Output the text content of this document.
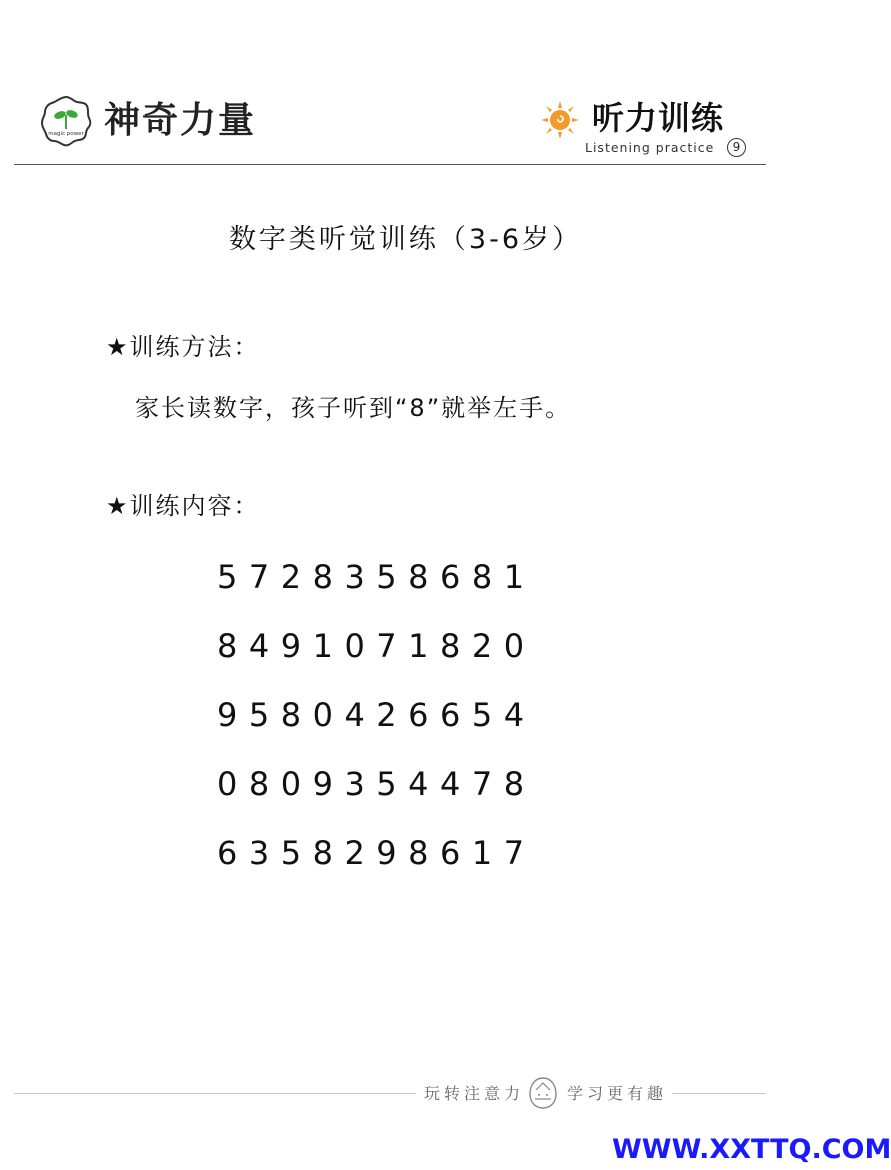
magic power 神奇力量	听力训练
Listening practice	9
数字类听觉训练（3-6岁）
★训练方法：
家长读数字，孩子听到“8”就举左手。
★训练内容：
5728358681
8491071820
9580426654
0809354478
6358298617
玩转注意力	学习更有趣
WWW.XXTTQ.COM
